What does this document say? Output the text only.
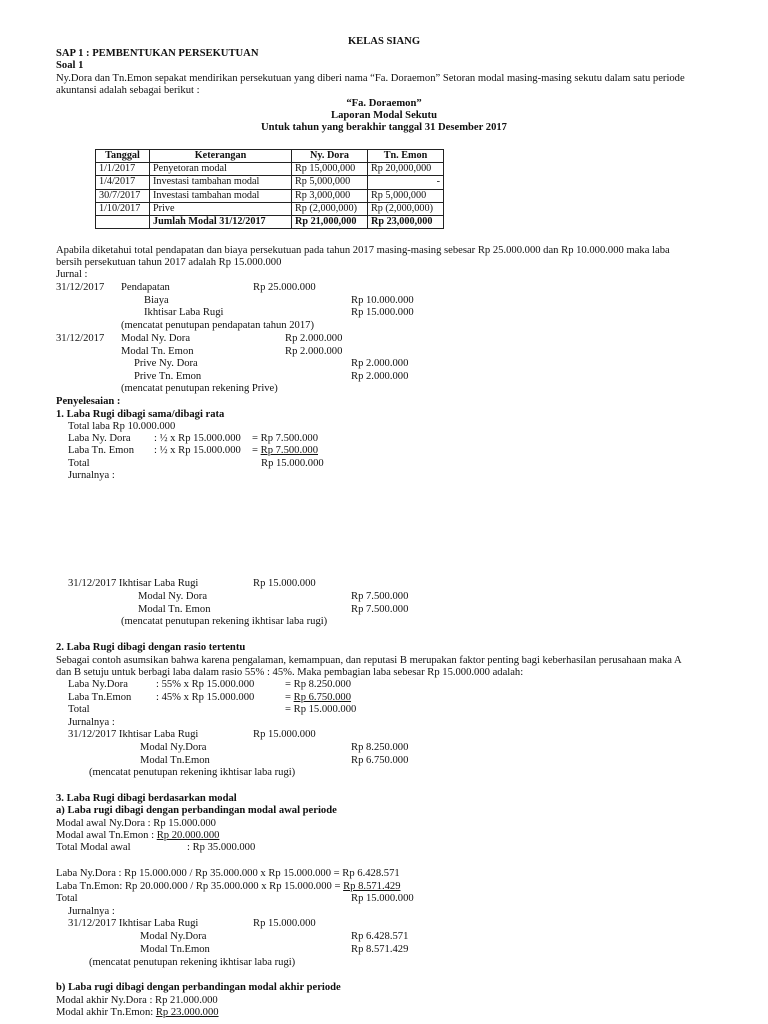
KELAS SIANG
SAP 1 : PEMBENTUKAN PERSEKUTUAN
Soal 1
Ny.Dora dan Tn.Emon sepakat mendirikan persekutuan yang diberi nama “Fa. Doraemon” Setoran modal masing-masing sekutu dalam satu periode
akuntansi adalah sebagai berikut :
“Fa. Doraemon”
Laporan Modal Sekutu
Untuk tahun yang berakhir tanggal 31 Desember 2017
Tanggal	Keterangan	Ny. Dora	Tn. Emon
1/1/2017	Penyetoran modal	Rp 15,000,000	Rp 20,000,000
1/4/2017	Investasi tambahan modal	Rp 5,000,000	-
30/7/2017	Investasi tambahan modal	Rp 3,000,000	Rp 5,000,000
1/10/2017	Prive	Rp (2,000,000)	Rp (2,000,000)
	Jumlah Modal 31/12/2017	Rp 21,000,000	Rp 23,000,000
Apabila diketahui total pendapatan dan biaya persekutuan pada tahun 2017 masing-masing sebesar Rp 25.000.000 dan Rp 10.000.000 maka laba
bersih persekutuan tahun 2017 adalah Rp 15.000.000
Jurnal :
31/12/2017 Pendapatan	Rp 25.000.000
Biaya	Rp 10.000.000
Ikhtisar Laba Rugi	Rp 15.000.000
(mencatat penutupan pendapatan tahun 2017)
31/12/2017 Modal Ny. Dora	Rp 2.000.000
Modal Tn. Emon	Rp 2.000.000
Prive Ny. Dora	Rp 2.000.000
Prive Tn. Emon	Rp 2.000.000
(mencatat penutupan rekening Prive)
Penyelesaian :
1. Laba Rugi dibagi sama/dibagi rata
Total laba Rp 10.000.000
Laba Ny. Dora : ½ x Rp 15.000.000 = Rp 7.500.000
Laba Tn. Emon : ½ x Rp 15.000.000 = Rp 7.500.000
Total	Rp 15.000.000
Jurnalnya :
31/12/2017 Ikhtisar Laba Rugi	Rp 15.000.000
Modal Ny. Dora	Rp 7.500.000
Modal Tn. Emon	Rp 7.500.000
(mencatat penutupan rekening ikhtisar laba rugi)
2. Laba Rugi dibagi dengan rasio tertentu
Sebagai contoh asumsikan bahwa karena pengalaman, kemampuan, dan reputasi B merupakan faktor penting bagi keberhasilan perusahaan maka A
dan B setuju untuk berbagi laba dalam rasio 55% : 45%. Maka pembagian laba sebesar Rp 15.000.000 adalah:
Laba Ny.Dora	: 55% x Rp 15.000.000	= Rp 8.250.000
Laba Tn.Emon : 45% x Rp 15.000.000	= Rp 6.750.000
Total	= Rp 15.000.000
Jurnalnya :
31/12/2017 Ikhtisar Laba Rugi	Rp 15.000.000
Modal Ny.Dora	Rp 8.250.000
Modal Tn.Emon	Rp 6.750.000
(mencatat penutupan rekening ikhtisar laba rugi)
3. Laba Rugi dibagi berdasarkan modal
a) Laba rugi dibagi dengan perbandingan modal awal periode
Modal awal Ny.Dora : Rp 15.000.000
Modal awal Tn.Emon : Rp 20.000.000
Total Modal awal	: Rp 35.000.000
Laba Ny.Dora : Rp 15.000.000 / Rp 35.000.000 x Rp 15.000.000 = Rp 6.428.571
Laba Tn.Emon: Rp 20.000.000 / Rp 35.000.000 x Rp 15.000.000 = Rp 8.571.429
Total	Rp 15.000.000
Jurnalnya :
31/12/2017 Ikhtisar Laba Rugi	Rp 15.000.000
Modal Ny.Dora	Rp 6.428.571
Modal Tn.Emon	Rp 8.571.429
(mencatat penutupan rekening ikhtisar laba rugi)
b) Laba rugi dibagi dengan perbandingan modal akhir periode
Modal akhir Ny.Dora : Rp 21.000.000
Modal akhir Tn.Emon: Rp 23.000.000
